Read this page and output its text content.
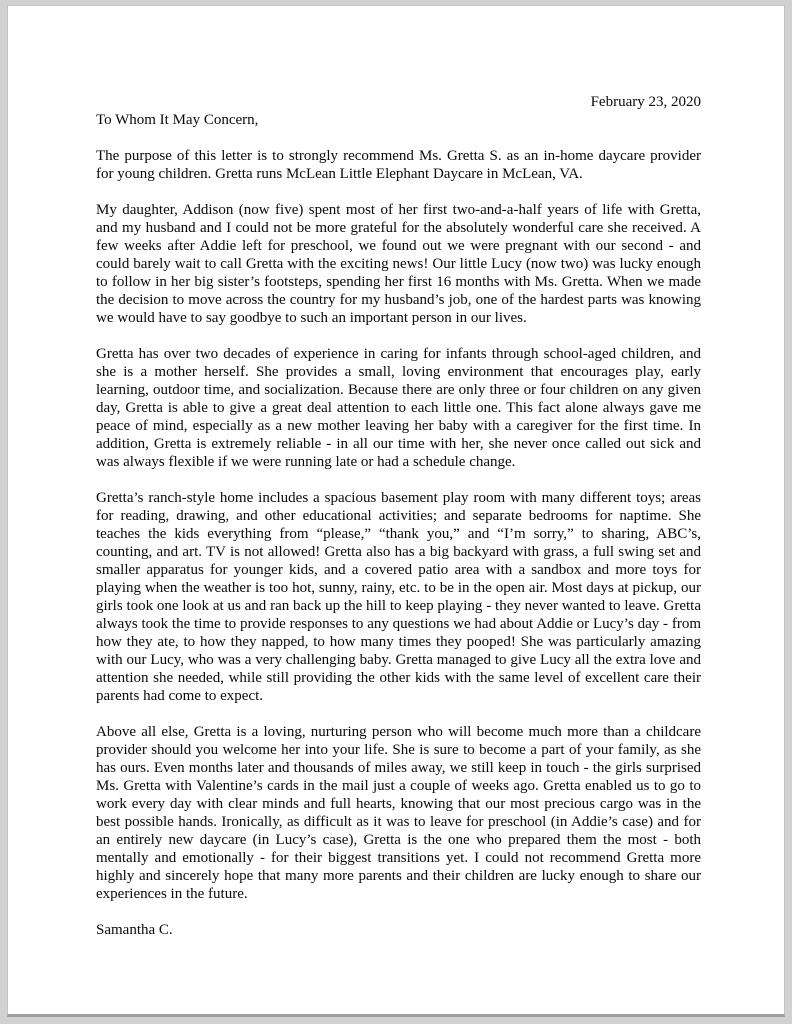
February 23, 2020
To Whom It May Concern,

The purpose of this letter is to strongly recommend Ms. Gretta S. as an in-home daycare provider for young children. Gretta runs McLean Little Elephant Daycare in McLean, VA.

My daughter, Addison (now five) spent most of her first two-and-a-half years of life with Gretta, and my husband and I could not be more grateful for the absolutely wonderful care she received. A few weeks after Addie left for preschool, we found out we were pregnant with our second - and could barely wait to call Gretta with the exciting news! Our little Lucy (now two) was lucky enough to follow in her big sister’s footsteps, spending her first 16 months with Ms. Gretta. When we made the decision to move across the country for my husband’s job, one of the hardest parts was knowing we would have to say goodbye to such an important person in our lives.

Gretta has over two decades of experience in caring for infants through school-aged children, and she is a mother herself. She provides a small, loving environment that encourages play, early learning, outdoor time, and socialization. Because there are only three or four children on any given day, Gretta is able to give a great deal attention to each little one. This fact alone always gave me peace of mind, especially as a new mother leaving her baby with a caregiver for the first time. In addition, Gretta is extremely reliable - in all our time with her, she never once called out sick and was always flexible if we were running late or had a schedule change.

Gretta’s ranch-style home includes a spacious basement play room with many different toys; areas for reading, drawing, and other educational activities; and separate bedrooms for naptime. She teaches the kids everything from “please,” “thank you,” and “I’m sorry,” to sharing, ABC’s, counting, and art. TV is not allowed! Gretta also has a big backyard with grass, a full swing set and smaller apparatus for younger kids, and a covered patio area with a sandbox and more toys for playing when the weather is too hot, sunny, rainy, etc. to be in the open air. Most days at pickup, our girls took one look at us and ran back up the hill to keep playing - they never wanted to leave. Gretta always took the time to provide responses to any questions we had about Addie or Lucy’s day - from how they ate, to how they napped, to how many times they pooped! She was particularly amazing with our Lucy, who was a very challenging baby. Gretta managed to give Lucy all the extra love and attention she needed, while still providing the other kids with the same level of excellent care their parents had come to expect.

Above all else, Gretta is a loving, nurturing person who will become much more than a childcare provider should you welcome her into your life. She is sure to become a part of your family, as she has ours. Even months later and thousands of miles away, we still keep in touch - the girls surprised Ms. Gretta with Valentine’s cards in the mail just a couple of weeks ago. Gretta enabled us to go to work every day with clear minds and full hearts, knowing that our most precious cargo was in the best possible hands. Ironically, as difficult as it was to leave for preschool (in Addie’s case) and for an entirely new daycare (in Lucy’s case), Gretta is the one who prepared them the most - both mentally and emotionally - for their biggest transitions yet. I could not recommend Gretta more highly and sincerely hope that many more parents and their children are lucky enough to share our experiences in the future.

Samantha C.
